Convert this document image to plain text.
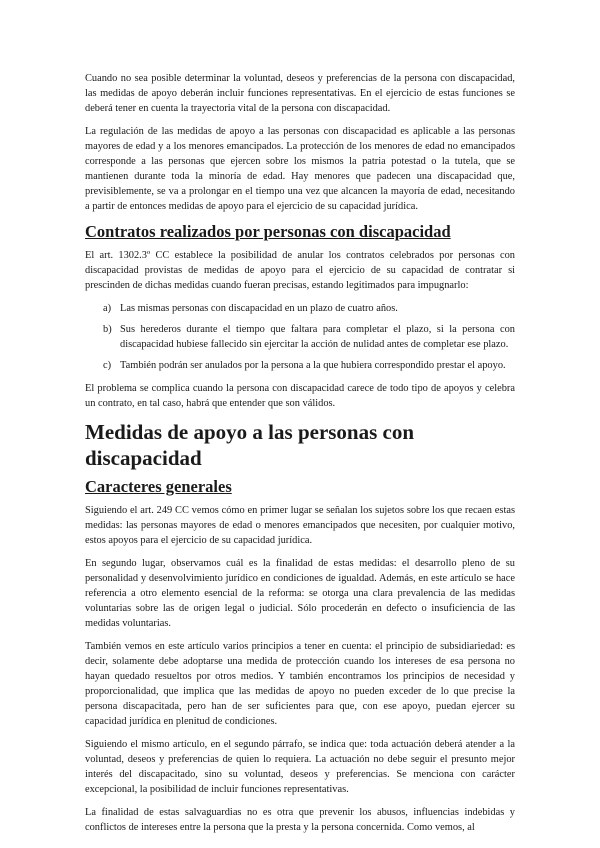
Cuando no sea posible determinar la voluntad, deseos y preferencias de la persona con discapacidad, las medidas de apoyo deberán incluir funciones representativas. En el ejercicio de estas funciones se deberá tener en cuenta la trayectoria vital de la persona con discapacidad.

La regulación de las medidas de apoyo a las personas con discapacidad es aplicable a las personas mayores de edad y a los menores emancipados. La protección de los menores de edad no emancipados corresponde a las personas que ejercen sobre los mismos la patria potestad o la tutela, que se mantienen durante toda la minoría de edad. Hay menores que padecen una discapacidad que, previsiblemente, se va a prolongar en el tiempo una vez que alcancen la mayoría de edad, necesitando a partir de entonces medidas de apoyo para el ejercicio de su capacidad jurídica.

Contratos realizados por personas con discapacidad

El art. 1302.3º CC establece la posibilidad de anular los contratos celebrados por personas con discapacidad provistas de medidas de apoyo para el ejercicio de su capacidad de contratar si prescinden de dichas medidas cuando fueran precisas, estando legitimados para impugnarlo:

a) Las mismas personas con discapacidad en un plazo de cuatro años.
b) Sus herederos durante el tiempo que faltara para completar el plazo, si la persona con discapacidad hubiese fallecido sin ejercitar la acción de nulidad antes de completar ese plazo.
c) También podrán ser anulados por la persona a la que hubiera correspondido prestar el apoyo.

El problema se complica cuando la persona con discapacidad carece de todo tipo de apoyos y celebra un contrato, en tal caso, habrá que entender que son válidos.

Medidas de apoyo a las personas con discapacidad
Caracteres generales

Siguiendo el art. 249 CC vemos cómo en primer lugar se señalan los sujetos sobre los que recaen estas medidas: las personas mayores de edad o menores emancipados que necesiten, por cualquier motivo, estos apoyos para el ejercicio de su capacidad jurídica.

En segundo lugar, observamos cuál es la finalidad de estas medidas: el desarrollo pleno de su personalidad y desenvolvimiento jurídico en condiciones de igualdad. Además, en este artículo se hace referencia a otro elemento esencial de la reforma: se otorga una clara prevalencia de las medidas voluntarias sobre las de origen legal o judicial. Sólo procederán en defecto o insuficiencia de las medidas voluntarias.

También vemos en este artículo varios principios a tener en cuenta: el principio de subsidiariedad: es decir, solamente debe adoptarse una medida de protección cuando los intereses de esa persona no hayan quedado resueltos por otros medios. Y también encontramos los principios de necesidad y proporcionalidad, que implica que las medidas de apoyo no pueden exceder de lo que precise la persona discapacitada, pero han de ser suficientes para que, con ese apoyo, puedan ejercer su capacidad jurídica en plenitud de condiciones.

Siguiendo el mismo artículo, en el segundo párrafo, se indica que: toda actuación deberá atender a la voluntad, deseos y preferencias de quien lo requiera. La actuación no debe seguir el presunto mejor interés del discapacitado, sino su voluntad, deseos y preferencias. Se menciona con carácter excepcional, la posibilidad de incluir funciones representativas.

La finalidad de estas salvaguardias no es otra que prevenir los abusos, influencias indebidas y conflictos de intereses entre la persona que la presta y la persona concernida. Como vemos, al
